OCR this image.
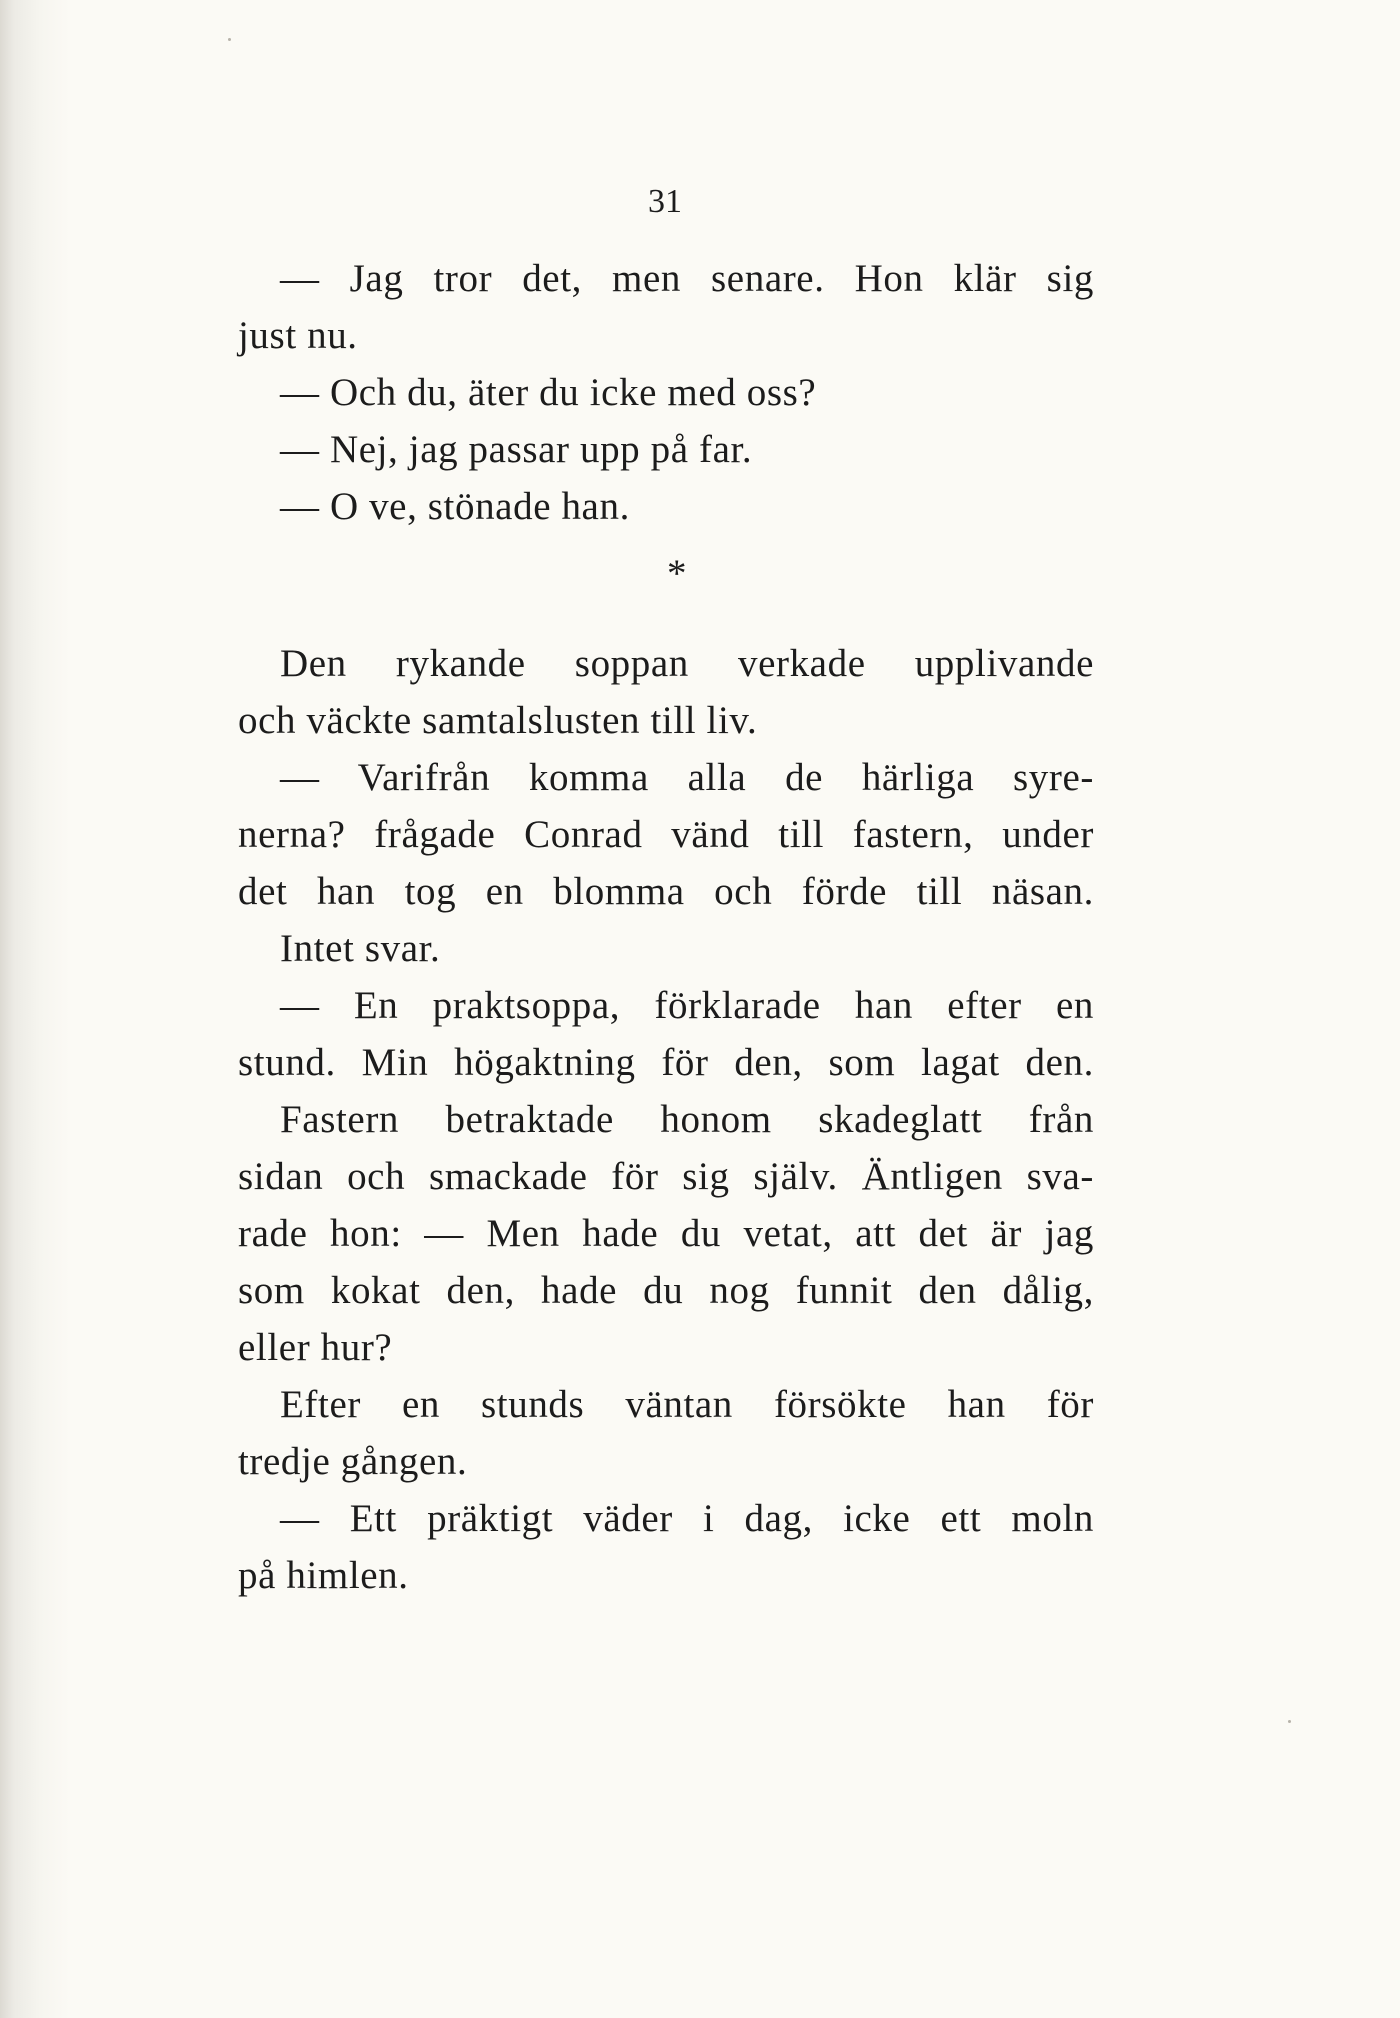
31
— Jag tror det, men senare. Hon klär sig
just nu.
— Och du, äter du icke med oss?
— Nej, jag passar upp på far.
— O ve, stönade han.
*
Den rykande soppan verkade upplivande
och väckte samtalslusten till liv.
— Varifrån komma alla de härliga syre-
nerna? frågade Conrad vänd till fastern, under
det han tog en blomma och förde till näsan.
Intet svar.
— En praktsoppa, förklarade han efter en
stund. Min högaktning för den, som lagat den.
Fastern betraktade honom skadeglatt från
sidan och smackade för sig själv. Äntligen sva-
rade hon: — Men hade du vetat, att det är jag
som kokat den, hade du nog funnit den dålig,
eller hur?
Efter en stunds väntan försökte han för
tredje gången.
— Ett präktigt väder i dag, icke ett moln
på himlen.
